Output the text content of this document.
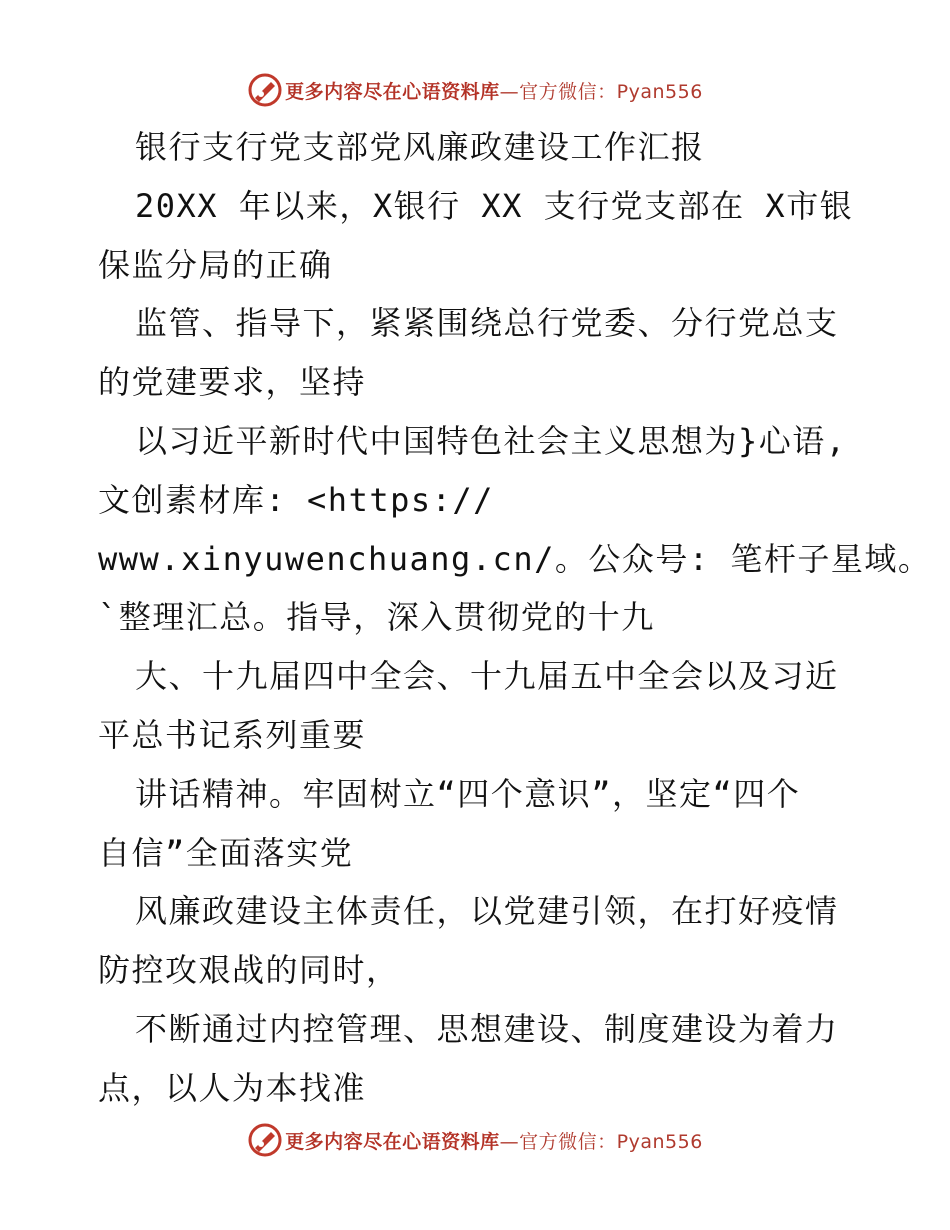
更多内容尽在心语资料库—官方微信：Pyan556
银行支行党支部党风廉政建设工作汇报
20XX 年以来，X银行 XX 支行党支部在 X市银
保监分局的正确
监管、指导下，紧紧围绕总行党委、分行党总支
的党建要求，坚持
以习近平新时代中国特色社会主义思想为}心语,
文创素材库: <https://
www.xinyuwenchuang.cn/。公众号: 笔杆子星域。
`整理汇总。指导，深入贯彻党的十九
大、十九届四中全会、十九届五中全会以及习近
平总书记系列重要
讲话精神。牢固树立“四个意识”，坚定“四个
自信”全面落实党
风廉政建设主体责任，以党建引领，在打好疫情
防控攻艰战的同时，
不断通过内控管理、思想建设、制度建设为着力
点，以人为本找准
更多内容尽在心语资料库—官方微信：Pyan556
